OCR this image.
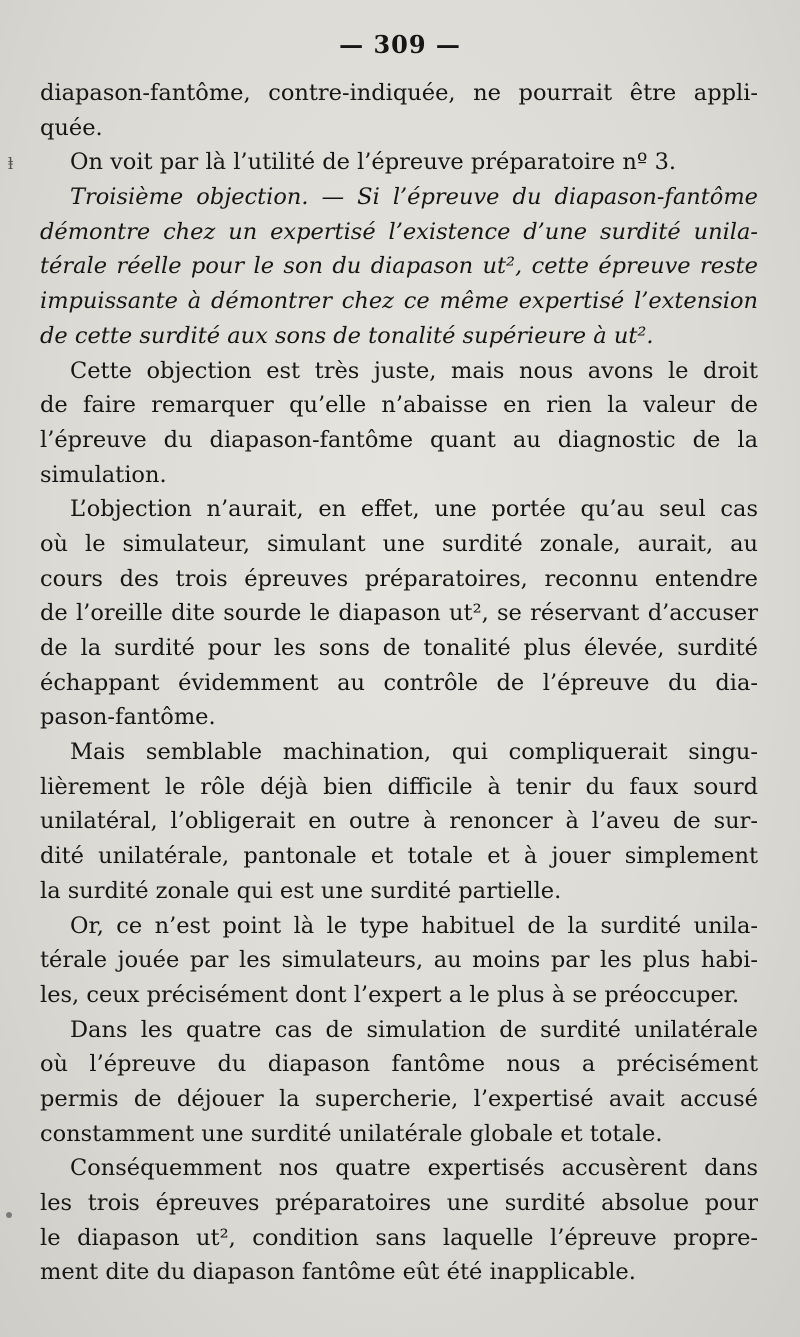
— 309 —
ⱡ
diapason-fantôme, contre-indiquée, ne pourrait être appli-
quée.
On voit par là l’utilité de l’épreuve préparatoire nº 3.
Troisième objection. — Si l’épreuve du diapason-fantôme
démontre chez un expertisé l’existence d’une surdité unila-
térale réelle pour le son du diapason ut², cette épreuve reste
impuissante à démontrer chez ce même expertisé l’extension
de cette surdité aux sons de tonalité supérieure à ut².
Cette objection est très juste, mais nous avons le droit
de faire remarquer qu’elle n’abaisse en rien la valeur de
l’épreuve du diapason-fantôme quant au diagnostic de la
simulation.
L’objection n’aurait, en effet, une portée qu’au seul cas
où le simulateur, simulant une surdité zonale, aurait, au
cours des trois épreuves préparatoires, reconnu entendre
de l’oreille dite sourde le diapason ut², se réservant d’accuser
de la surdité pour les sons de tonalité plus élevée, surdité
échappant évidemment au contrôle de l’épreuve du dia-
pason-fantôme.
Mais semblable machination, qui compliquerait singu-
lièrement le rôle déjà bien difficile à tenir du faux sourd
unilatéral, l’obligerait en outre à renoncer à l’aveu de sur-
dité unilatérale, pantonale et totale et à jouer simplement
la surdité zonale qui est une surdité partielle.
Or, ce n’est point là le type habituel de la surdité unila-
térale jouée par les simulateurs, au moins par les plus habi-
les, ceux précisément dont l’expert a le plus à se préoccuper.
Dans les quatre cas de simulation de surdité unilatérale
où l’épreuve du diapason fantôme nous a précisément
permis de déjouer la supercherie, l’expertisé avait accusé
constamment une surdité unilatérale globale et totale.
Conséquemment nos quatre expertisés accusèrent dans
les trois épreuves préparatoires une surdité absolue pour
le diapason ut², condition sans laquelle l’épreuve propre-
ment dite du diapason fantôme eût été inapplicable.
